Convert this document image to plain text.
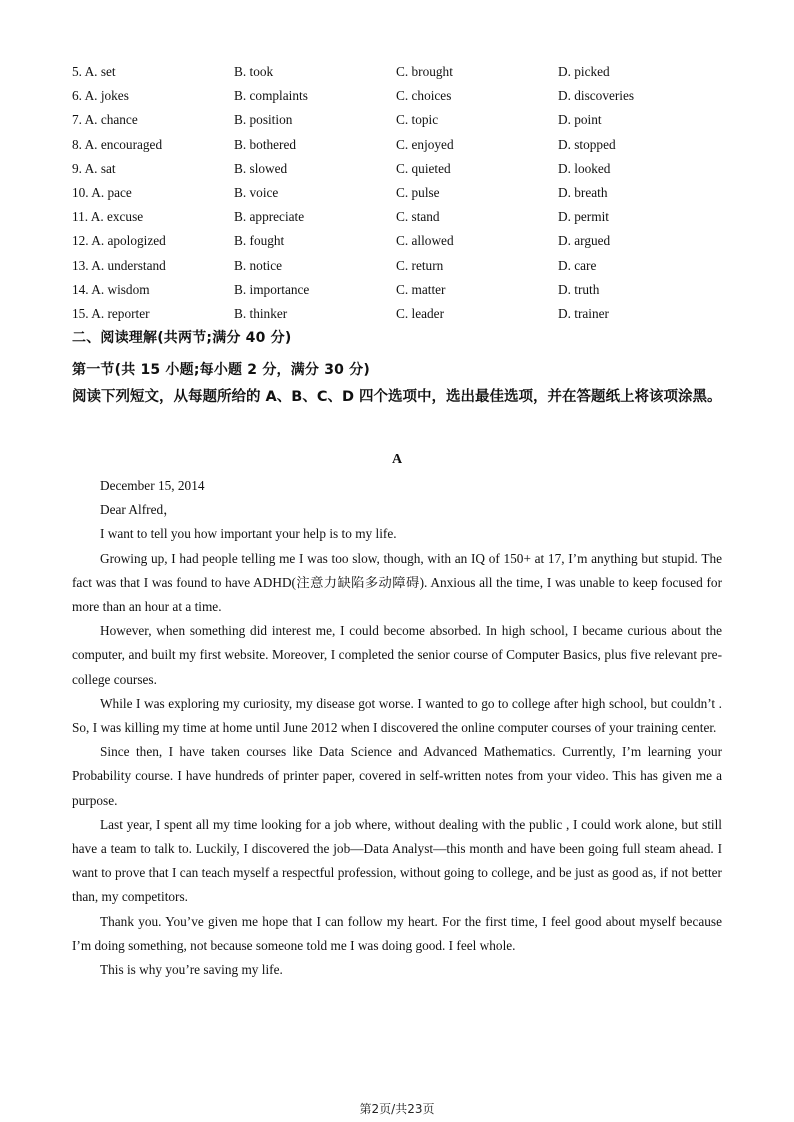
5. A. set	B. took	C. brought	D. picked
6. A. jokes	B. complaints	C. choices	D. discoveries
7. A. chance	B. position	C. topic	D. point
8. A. encouraged	B. bothered	C. enjoyed	D. stopped
9. A. sat	B. slowed	C. quieted	D. looked
10. A. pace	B. voice	C. pulse	D. breath
11. A. excuse	B. appreciate	C. stand	D. permit
12. A. apologized	B. fought	C. allowed	D. argued
13. A. understand	B. notice	C. return	D. care
14. A. wisdom	B. importance	C. matter	D. truth
15. A. reporter	B. thinker	C. leader	D. trainer
二、阅读理解(共两节;满分 40 分)
第一节(共 15 小题;每小题 2 分，满分 30 分)
阅读下列短文，从每题所给的 A、B、C、D 四个选项中，选出最佳选项，并在答题纸上将该项涂黑。
A

December 15, 2014

Dear Alfred，

I want to tell you how important your help is to my life.

Growing up, I had people telling me I was too slow, though, with an IQ of 150+ at 17, I’m anything but stupid. The fact was that I was found to have ADHD(注意力缺陷多动障碍). Anxious all the time, I was unable to keep focused for more than an hour at a time.

However, when something did interest me, I could become absorbed. In high school, I became curious about the computer, and built my first website. Moreover, I completed the senior course of Computer Basics, plus five relevant pre-college courses.

While I was exploring my curiosity, my disease got worse. I wanted to go to college after high school, but couldn’t . So, I was killing my time at home until June 2012 when I discovered the online computer courses of your training center.

Since then, I have taken courses like Data Science and Advanced Mathematics. Currently, I’m learning your Probability course. I have hundreds of printer paper, covered in self-written notes from your video. This has given me a purpose.

Last year, I spent all my time looking for a job where, without dealing with the public , I could work alone, but still have a team to talk to. Luckily, I discovered the job—Data Analyst—this month and have been going full steam ahead. I want to prove that I can teach myself a respectful profession, without going to college, and be just as good as, if not better than, my competitors.

Thank you. You’ve given me hope that I can follow my heart. For the first time, I feel good about myself because I’m doing something, not because someone told me I was doing good. I feel whole.

This is why you’re saving my life.

第2页/共23页
